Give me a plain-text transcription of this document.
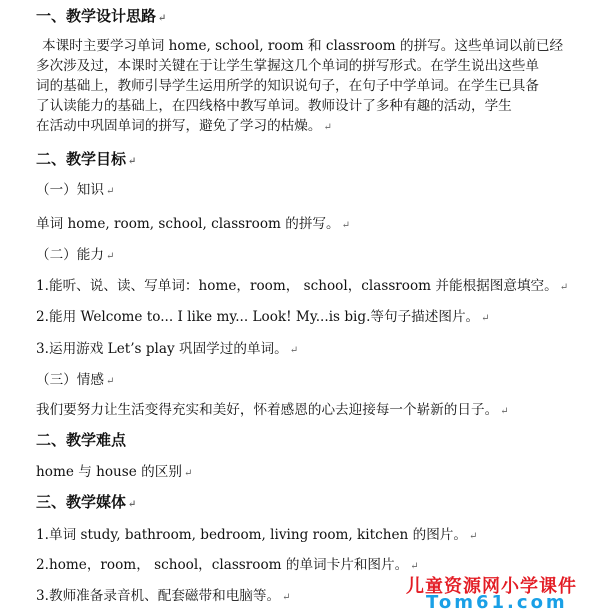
一、教学设计思路 ↵
本课时主要学习单词 home, school, room 和 classroom 的拼写。这些单词以前已经
多次涉及过，本课时关键在于让学生掌握这几个单词的拼写形式。在学生说出这些单
词的基础上，教师引导学生运用所学的知识说句子，在句子中学单词。在学生已具备
了认读能力的基础上，在四线格中教写单词。教师设计了多种有趣的活动，学生
在活动中巩固单词的拼写，避免了学习的枯燥。 ↵
二、教学目标 ↵
（一）知识 ↵
单词 home, room, school, classroom 的拼写。 ↵
（二）能力 ↵
1.能听、说、读、写单词：home，room， school，classroom 并能根据图意填空。 ↵
2.能用 Welcome to... I like my... Look! My...is big.等句子描述图片。 ↵
3.运用游戏 Let’s play 巩固学过的单词。 ↵
（三）情感 ↵
我们要努力让生活变得充实和美好，怀着感恩的心去迎接每一个崭新的日子。 ↵
二、教学难点
home 与 house 的区别 ↵
三、教学媒体 ↵
1.单词 study, bathroom, bedroom, living room, kitchen 的图片。 ↵
2.home，room， school，classroom 的单词卡片和图片。 ↵
3.教师准备录音机、配套磁带和电脑等。 ↵
儿童资源网小学课件
Tom61.com
